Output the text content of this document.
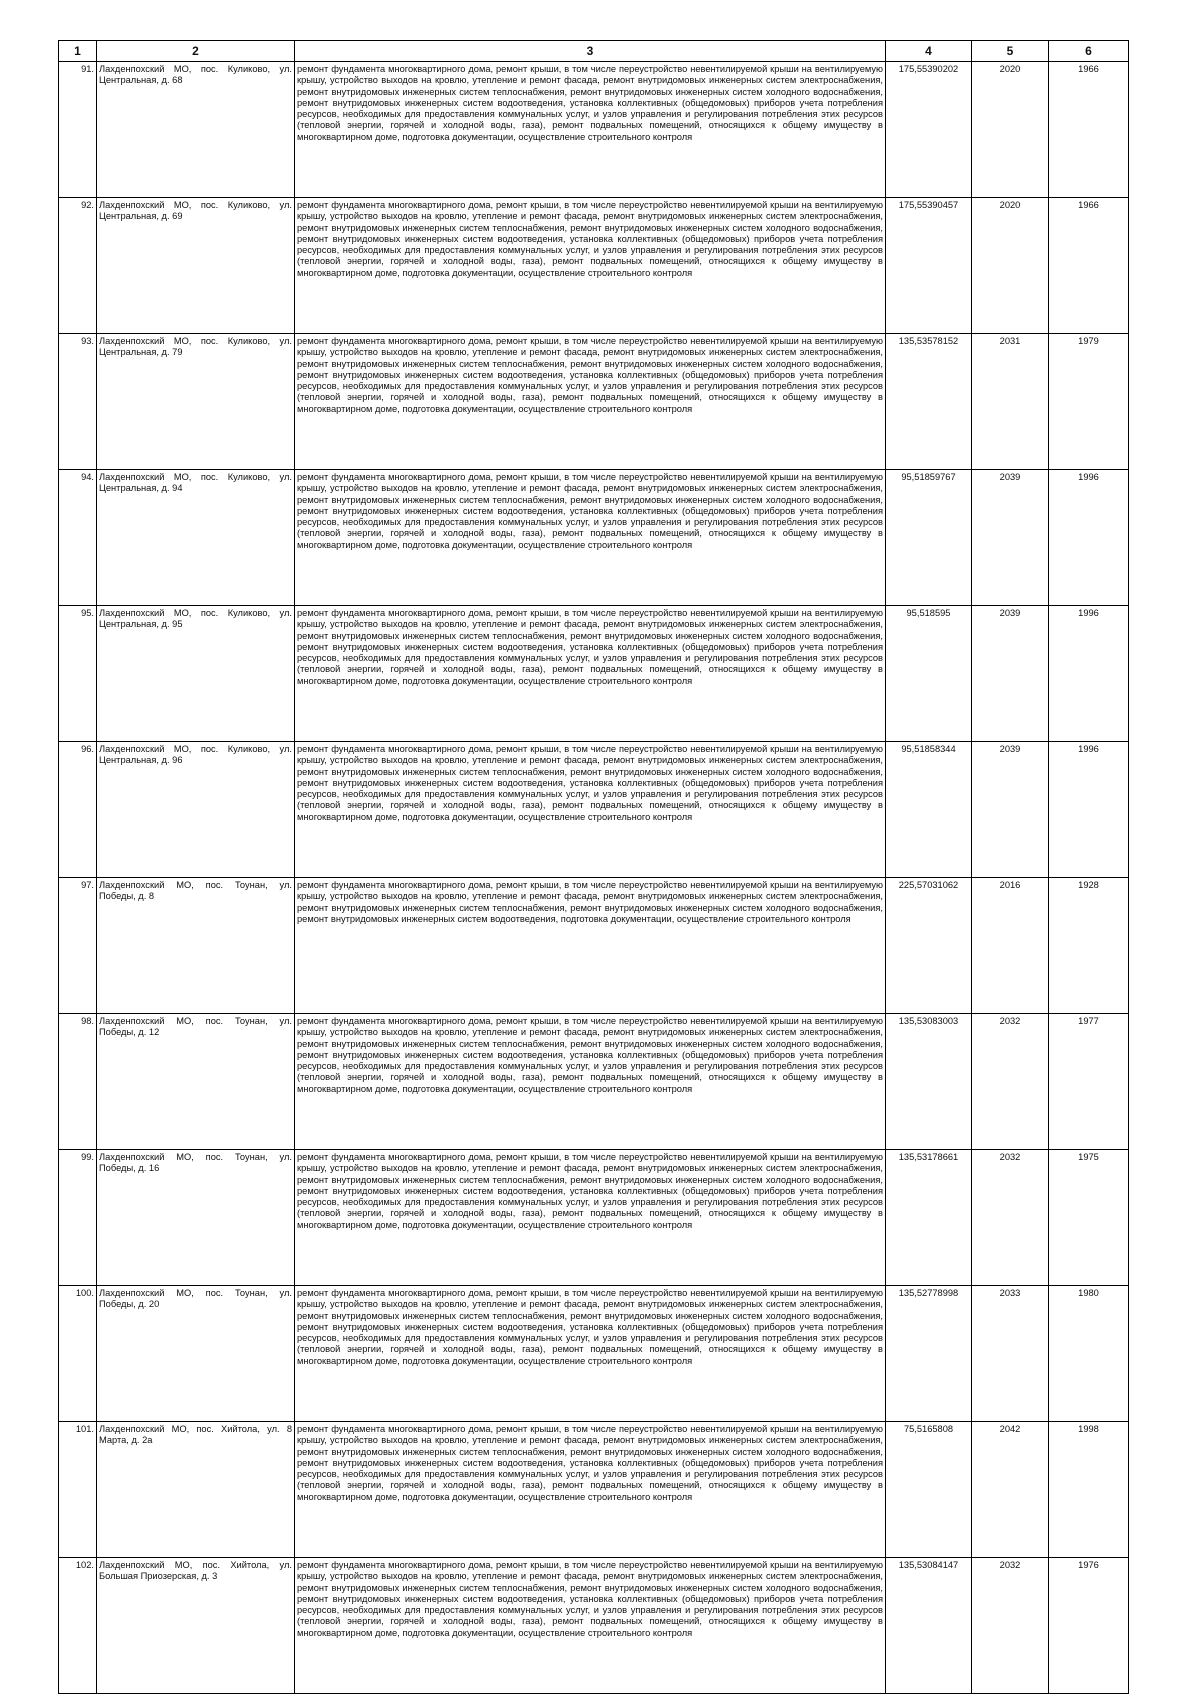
1	2	3	4	5	6
91.	Лахденпохский МО, пос. Куликово, ул. Центральная, д. 68	ремонт фундамента многоквартирного дома, ремонт крыши, в том числе переустройство невентилируемой крыши на вентилируемую крышу, устройство выходов на кровлю, утепление и ремонт фасада, ремонт внутридомовых инженерных систем электроснабжения, ремонт внутридомовых инженерных систем теплоснабжения, ремонт внутридомовых инженерных систем холодного водоснабжения, ремонт внутридомовых инженерных систем водоотведения, установка коллективных (общедомовых) приборов учета потребления ресурсов, необходимых для предоставления коммунальных услуг, и узлов управления и регулирования потребления этих ресурсов (тепловой энергии, горячей и холодной воды, газа), ремонт подвальных помещений, относящихся к общему имуществу в многоквартирном доме, подготовка документации, осуществление строительного контроля	175,55390202	2020	1966
92.	Лахденпохский МО, пос. Куликово, ул. Центральная, д. 69	ремонт фундамента многоквартирного дома, ремонт крыши, в том числе переустройство невентилируемой крыши на вентилируемую крышу, устройство выходов на кровлю, утепление и ремонт фасада, ремонт внутридомовых инженерных систем электроснабжения, ремонт внутридомовых инженерных систем теплоснабжения, ремонт внутридомовых инженерных систем холодного водоснабжения, ремонт внутридомовых инженерных систем водоотведения, установка коллективных (общедомовых) приборов учета потребления ресурсов, необходимых для предоставления коммунальных услуг, и узлов управления и регулирования потребления этих ресурсов (тепловой энергии, горячей и холодной воды, газа), ремонт подвальных помещений, относящихся к общему имуществу в многоквартирном доме, подготовка документации, осуществление строительного контроля	175,55390457	2020	1966
93.	Лахденпохский МО, пос. Куликово, ул. Центральная, д. 79	ремонт фундамента многоквартирного дома, ремонт крыши, в том числе переустройство невентилируемой крыши на вентилируемую крышу, устройство выходов на кровлю, утепление и ремонт фасада, ремонт внутридомовых инженерных систем электроснабжения, ремонт внутридомовых инженерных систем теплоснабжения, ремонт внутридомовых инженерных систем холодного водоснабжения, ремонт внутридомовых инженерных систем водоотведения, установка коллективных (общедомовых) приборов учета потребления ресурсов, необходимых для предоставления коммунальных услуг, и узлов управления и регулирования потребления этих ресурсов (тепловой энергии, горячей и холодной воды, газа), ремонт подвальных помещений, относящихся к общему имуществу в многоквартирном доме, подготовка документации, осуществление строительного контроля	135,53578152	2031	1979
94.	Лахденпохский МО, пос. Куликово, ул. Центральная, д. 94	ремонт фундамента многоквартирного дома, ремонт крыши, в том числе переустройство невентилируемой крыши на вентилируемую крышу, устройство выходов на кровлю, утепление и ремонт фасада, ремонт внутридомовых инженерных систем электроснабжения, ремонт внутридомовых инженерных систем теплоснабжения, ремонт внутридомовых инженерных систем холодного водоснабжения, ремонт внутридомовых инженерных систем водоотведения, установка коллективных (общедомовых) приборов учета потребления ресурсов, необходимых для предоставления коммунальных услуг, и узлов управления и регулирования потребления этих ресурсов (тепловой энергии, горячей и холодной воды, газа), ремонт подвальных помещений, относящихся к общему имуществу в многоквартирном доме, подготовка документации, осуществление строительного контроля	95,51859767	2039	1996
95.	Лахденпохский МО, пос. Куликово, ул. Центральная, д. 95	ремонт фундамента многоквартирного дома, ремонт крыши, в том числе переустройство невентилируемой крыши на вентилируемую крышу, устройство выходов на кровлю, утепление и ремонт фасада, ремонт внутридомовых инженерных систем электроснабжения, ремонт внутридомовых инженерных систем теплоснабжения, ремонт внутридомовых инженерных систем холодного водоснабжения, ремонт внутридомовых инженерных систем водоотведения, установка коллективных (общедомовых) приборов учета потребления ресурсов, необходимых для предоставления коммунальных услуг, и узлов управления и регулирования потребления этих ресурсов (тепловой энергии, горячей и холодной воды, газа), ремонт подвальных помещений, относящихся к общему имуществу в многоквартирном доме, подготовка документации, осуществление строительного контроля	95,518595	2039	1996
96.	Лахденпохский МО, пос. Куликово, ул. Центральная, д. 96	ремонт фундамента многоквартирного дома, ремонт крыши, в том числе переустройство невентилируемой крыши на вентилируемую крышу, устройство выходов на кровлю, утепление и ремонт фасада, ремонт внутридомовых инженерных систем электроснабжения, ремонт внутридомовых инженерных систем теплоснабжения, ремонт внутридомовых инженерных систем холодного водоснабжения, ремонт внутридомовых инженерных систем водоотведения, установка коллективных (общедомовых) приборов учета потребления ресурсов, необходимых для предоставления коммунальных услуг, и узлов управления и регулирования потребления этих ресурсов (тепловой энергии, горячей и холодной воды, газа), ремонт подвальных помещений, относящихся к общему имуществу в многоквартирном доме, подготовка документации, осуществление строительного контроля	95,51858344	2039	1996
97.	Лахденпохский МО, пос. Тоунан, ул. Победы, д. 8	ремонт фундамента многоквартирного дома, ремонт крыши, в том числе переустройство невентилируемой крыши на вентилируемую крышу, устройство выходов на кровлю, утепление и ремонт фасада, ремонт внутридомовых инженерных систем электроснабжения, ремонт внутридомовых инженерных систем теплоснабжения, ремонт внутридомовых инженерных систем холодного водоснабжения, ремонт внутридомовых инженерных систем водоотведения, подготовка документации, осуществление строительного контроля	225,57031062	2016	1928
98.	Лахденпохский МО, пос. Тоунан, ул. Победы, д. 12	ремонт фундамента многоквартирного дома, ремонт крыши, в том числе переустройство невентилируемой крыши на вентилируемую крышу, устройство выходов на кровлю, утепление и ремонт фасада, ремонт внутридомовых инженерных систем электроснабжения, ремонт внутридомовых инженерных систем теплоснабжения, ремонт внутридомовых инженерных систем холодного водоснабжения, ремонт внутридомовых инженерных систем водоотведения, установка коллективных (общедомовых) приборов учета потребления ресурсов, необходимых для предоставления коммунальных услуг, и узлов управления и регулирования потребления этих ресурсов (тепловой энергии, горячей и холодной воды, газа), ремонт подвальных помещений, относящихся к общему имуществу в многоквартирном доме, подготовка документации, осуществление строительного контроля	135,53083003	2032	1977
99.	Лахденпохский МО, пос. Тоунан, ул. Победы, д. 16	ремонт фундамента многоквартирного дома, ремонт крыши, в том числе переустройство невентилируемой крыши на вентилируемую крышу, устройство выходов на кровлю, утепление и ремонт фасада, ремонт внутридомовых инженерных систем электроснабжения, ремонт внутридомовых инженерных систем теплоснабжения, ремонт внутридомовых инженерных систем холодного водоснабжения, ремонт внутридомовых инженерных систем водоотведения, установка коллективных (общедомовых) приборов учета потребления ресурсов, необходимых для предоставления коммунальных услуг, и узлов управления и регулирования потребления этих ресурсов (тепловой энергии, горячей и холодной воды, газа), ремонт подвальных помещений, относящихся к общему имуществу в многоквартирном доме, подготовка документации, осуществление строительного контроля	135,53178661	2032	1975
100.	Лахденпохский МО, пос. Тоунан, ул. Победы, д. 20	ремонт фундамента многоквартирного дома, ремонт крыши, в том числе переустройство невентилируемой крыши на вентилируемую крышу, устройство выходов на кровлю, утепление и ремонт фасада, ремонт внутридомовых инженерных систем электроснабжения, ремонт внутридомовых инженерных систем теплоснабжения, ремонт внутридомовых инженерных систем холодного водоснабжения, ремонт внутридомовых инженерных систем водоотведения, установка коллективных (общедомовых) приборов учета потребления ресурсов, необходимых для предоставления коммунальных услуг, и узлов управления и регулирования потребления этих ресурсов (тепловой энергии, горячей и холодной воды, газа), ремонт подвальных помещений, относящихся к общему имуществу в многоквартирном доме, подготовка документации, осуществление строительного контроля	135,52778998	2033	1980
101.	Лахденпохский МО, пос. Хийтола, ул. 8 Марта, д. 2а	ремонт фундамента многоквартирного дома, ремонт крыши, в том числе переустройство невентилируемой крыши на вентилируемую крышу, устройство выходов на кровлю, утепление и ремонт фасада, ремонт внутридомовых инженерных систем электроснабжения, ремонт внутридомовых инженерных систем теплоснабжения, ремонт внутридомовых инженерных систем холодного водоснабжения, ремонт внутридомовых инженерных систем водоотведения, установка коллективных (общедомовых) приборов учета потребления ресурсов, необходимых для предоставления коммунальных услуг, и узлов управления и регулирования потребления этих ресурсов (тепловой энергии, горячей и холодной воды, газа), ремонт подвальных помещений, относящихся к общему имуществу в многоквартирном доме, подготовка документации, осуществление строительного контроля	75,5165808	2042	1998
102.	Лахденпохский МО, пос. Хийтола, ул. Большая Приозерская, д. 3	ремонт фундамента многоквартирного дома, ремонт крыши, в том числе переустройство невентилируемой крыши на вентилируемую крышу, устройство выходов на кровлю, утепление и ремонт фасада, ремонт внутридомовых инженерных систем электроснабжения, ремонт внутридомовых инженерных систем теплоснабжения, ремонт внутридомовых инженерных систем холодного водоснабжения, ремонт внутридомовых инженерных систем водоотведения, установка коллективных (общедомовых) приборов учета потребления ресурсов, необходимых для предоставления коммунальных услуг, и узлов управления и регулирования потребления этих ресурсов (тепловой энергии, горячей и холодной воды, газа), ремонт подвальных помещений, относящихся к общему имуществу в многоквартирном доме, подготовка документации, осуществление строительного контроля	135,53084147	2032	1976
